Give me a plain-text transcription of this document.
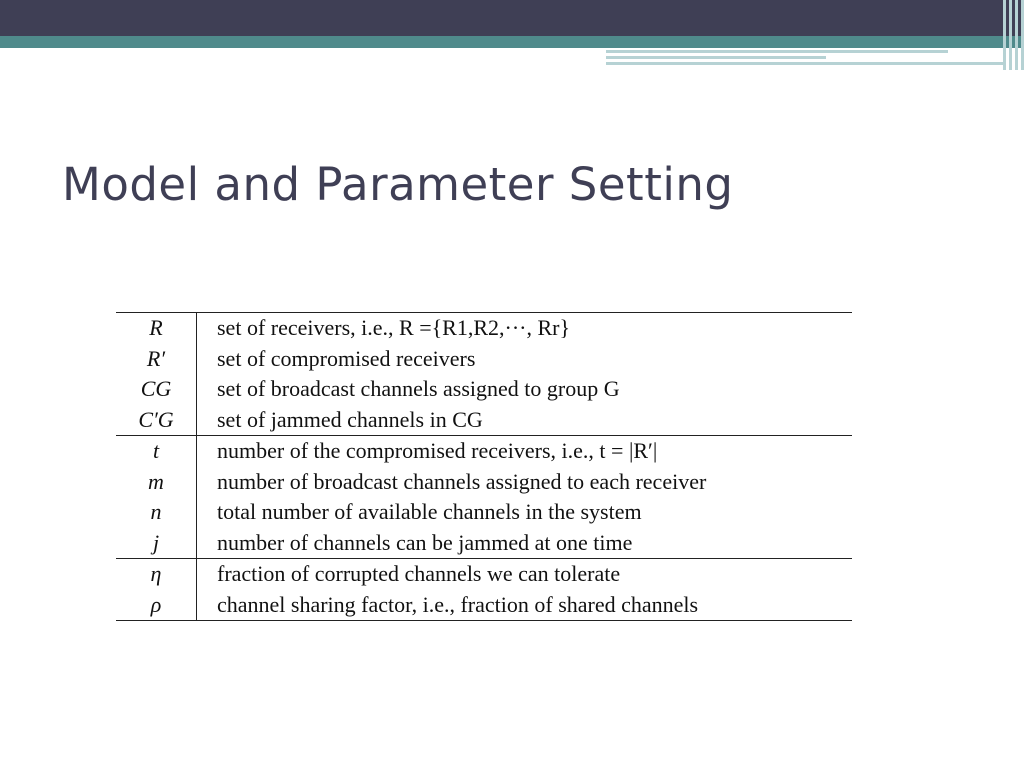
Model and Parameter Setting
R	set of receivers, i.e., R ={R1,R2,···, Rr}
R′	set of compromised receivers
CG	set of broadcast channels assigned to group G
C′G	set of jammed channels in CG
t	number of the compromised receivers, i.e., t = |R′|
m	number of broadcast channels assigned to each receiver
n	total number of available channels in the system
j	number of channels can be jammed at one time
η	fraction of corrupted channels we can tolerate
ρ	channel sharing factor, i.e., fraction of shared channels
